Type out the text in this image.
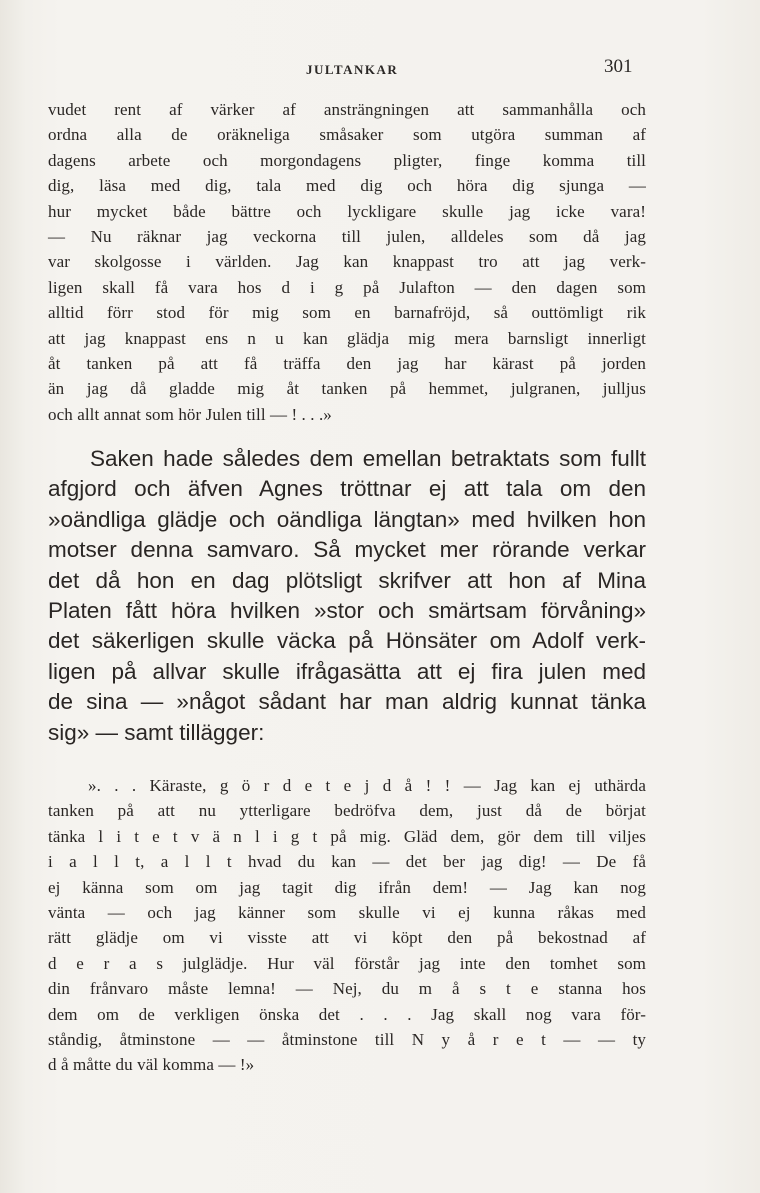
JULTANKAR	301
vudet rent af värker af ansträngningen att sammanhålla och
ordna alla de oräkneliga småsaker som utgöra summan af
dagens arbete och morgondagens pligter, finge komma till
dig, läsa med dig, tala med dig och höra dig sjunga —
hur mycket både bättre och lyckligare skulle jag icke vara!
— Nu räknar jag veckorna till julen, alldeles som då jag
var skolgosse i världen. Jag kan knappast tro att jag verk-
ligen skall få vara hos d i g på Julafton — den dagen som
alltid förr stod för mig som en barnafröjd, så outtömligt rik
att jag knappast ens n u kan glädja mig mera barnsligt innerligt
åt tanken på att få träffa den jag har kärast på jorden
än jag då gladde mig åt tanken på hemmet, julgranen, julljus
och allt annat som hör Julen till — ! . . .»
Saken hade således dem emellan betraktats som fullt
afgjord och äfven Agnes tröttnar ej att tala om den
»oändliga glädje och oändliga längtan» med hvilken hon
motser denna samvaro. Så mycket mer rörande verkar
det då hon en dag plötsligt skrifver att hon af Mina
Platen fått höra hvilken »stor och smärtsam förvåning»
det säkerligen skulle väcka på Hönsäter om Adolf verk-
ligen på allvar skulle ifrågasätta att ej fira julen med
de sina — »något sådant har man aldrig kunnat tänka
sig» — samt tillägger:
». . . Käraste, g ö r d e t e j d å ! ! — Jag kan ej uthärda
tanken på att nu ytterligare bedröfva dem, just då de börjat
tänka l i t e t v ä n l i g t på mig. Gläd dem, gör dem till viljes
i a l l t, a l l t hvad du kan — det ber jag dig! — De få
ej känna som om jag tagit dig ifrån dem! — Jag kan nog
vänta — och jag känner som skulle vi ej kunna råkas med
rätt glädje om vi visste att vi köpt den på bekostnad af
d e r a s julglädje. Hur väl förstår jag inte den tomhet som
din frånvaro måste lemna! — Nej, du m å s t e stanna hos
dem om de verkligen önska det . . . Jag skall nog vara för-
ståndig, åtminstone — — åtminstone till N y å r e t — — ty
d å måtte du väl komma — !»
